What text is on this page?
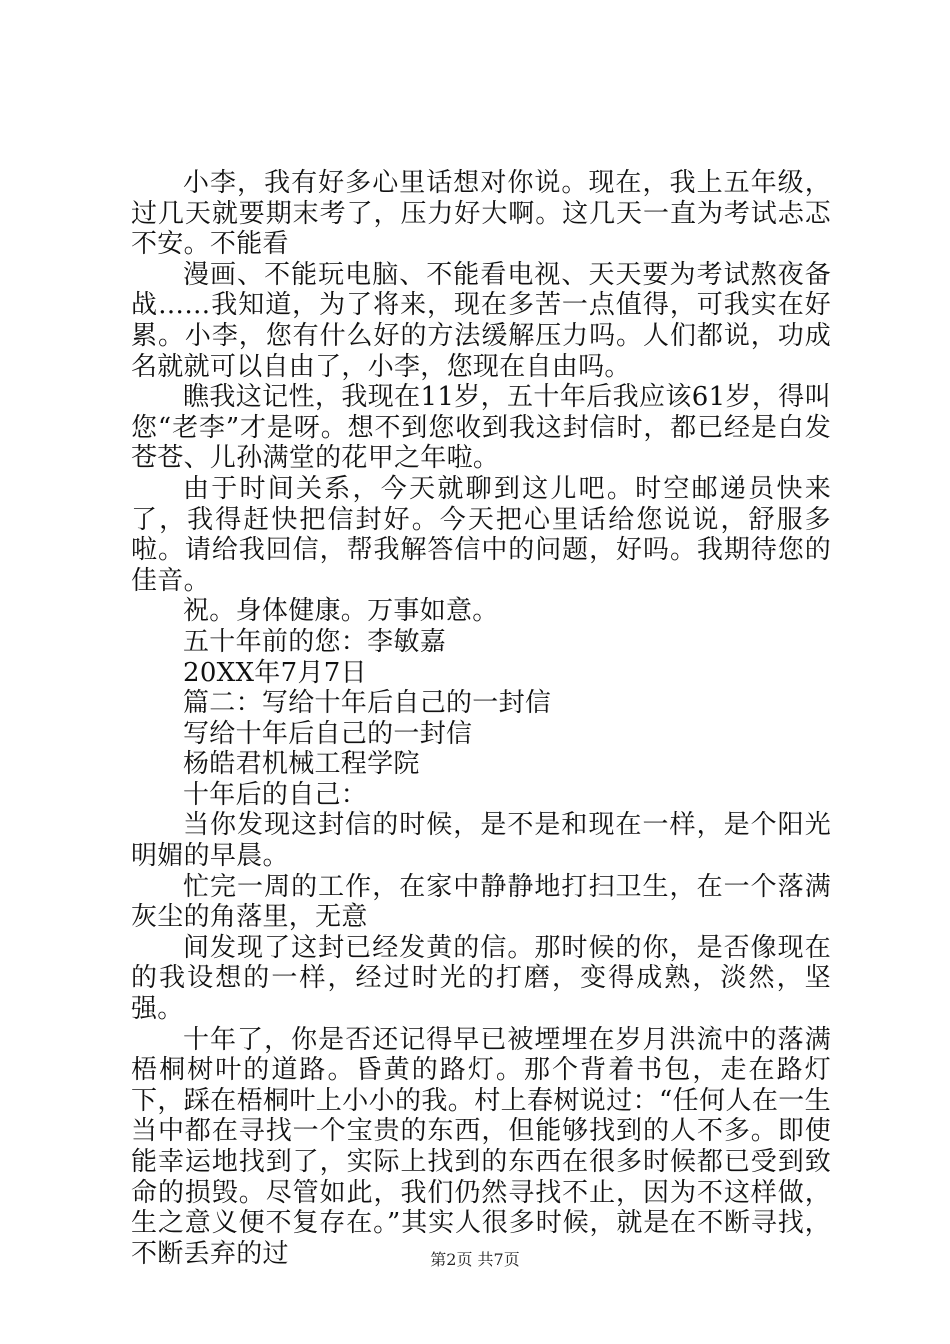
小李，我有好多心里话想对你说。现在，我上五年级，过几天就要期末考了，压力好大啊。这几天一直为考试忐忑不安。不能看

漫画、不能玩电脑、不能看电视、天天要为考试熬夜备战……我知道，为了将来，现在多苦一点值得，可我实在好累。小李，您有什么好的方法缓解压力吗。人们都说，功成名就就可以自由了，小李，您现在自由吗。

瞧我这记性，我现在11岁，五十年后我应该61岁，得叫您“老李”才是呀。想不到您收到我这封信时，都已经是白发苍苍、儿孙满堂的花甲之年啦。

由于时间关系，今天就聊到这儿吧。时空邮递员快来了，我得赶快把信封好。今天把心里话给您说说，舒服多啦。请给我回信，帮我解答信中的问题，好吗。我期待您的佳音。

祝。身体健康。万事如意。

五十年前的您：李敏嘉

20XX年7月7日

篇二：写给十年后自己的一封信

写给十年后自己的一封信

杨皓君机械工程学院

十年后的自己：

当你发现这封信的时候，是不是和现在一样，是个阳光明媚的早晨。

忙完一周的工作，在家中静静地打扫卫生，在一个落满灰尘的角落里，无意

间发现了这封已经发黄的信。那时候的你，是否像现在的我设想的一样，经过时光的打磨，变得成熟，淡然，坚强。

十年了，你是否还记得早已被堙埋在岁月洪流中的落满梧桐树叶的道路。昏黄的路灯。那个背着书包，走在路灯下，踩在梧桐叶上小小的我。村上春树说过：“任何人在一生当中都在寻找一个宝贵的东西，但能够找到的人不多。即使能幸运地找到了，实际上找到的东西在很多时候都已受到致命的损毁。尽管如此，我们仍然寻找不止，因为不这样做，生之意义便不复存在。”其实人很多时候，就是在不断寻找，不断丢弃的过	第2页 共7页
